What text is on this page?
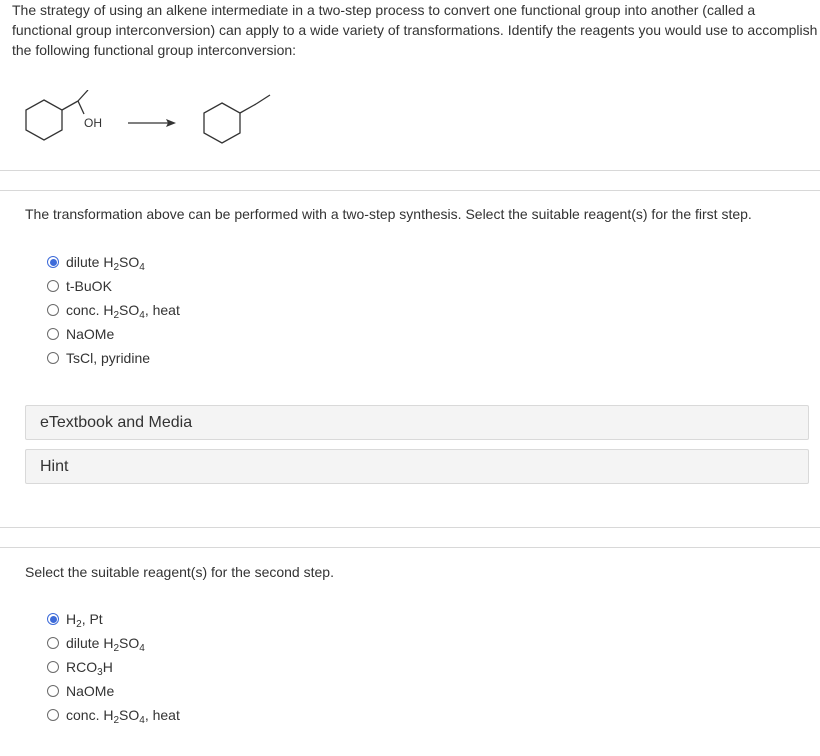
The strategy of using an alkene intermediate in a two-step process to convert one functional group into another (called a functional group interconversion) can apply to a wide variety of transformations. Identify the reagents you would use to accomplish the following functional group interconversion:
OH
The transformation above can be performed with a two-step synthesis. Select the suitable reagent(s) for the first step.
dilute $H_2SO_4$
t-BuOK
conc. $H_2SO_4$, heat
NaOMe
TsCl, pyridine
eTextbook and Media
Hint
Select the suitable reagent(s) for the second step.
$H_2$, Pt
dilute $H_2SO_4$
$RCO_3H$
NaOMe
conc. $H_2SO_4$, heat
